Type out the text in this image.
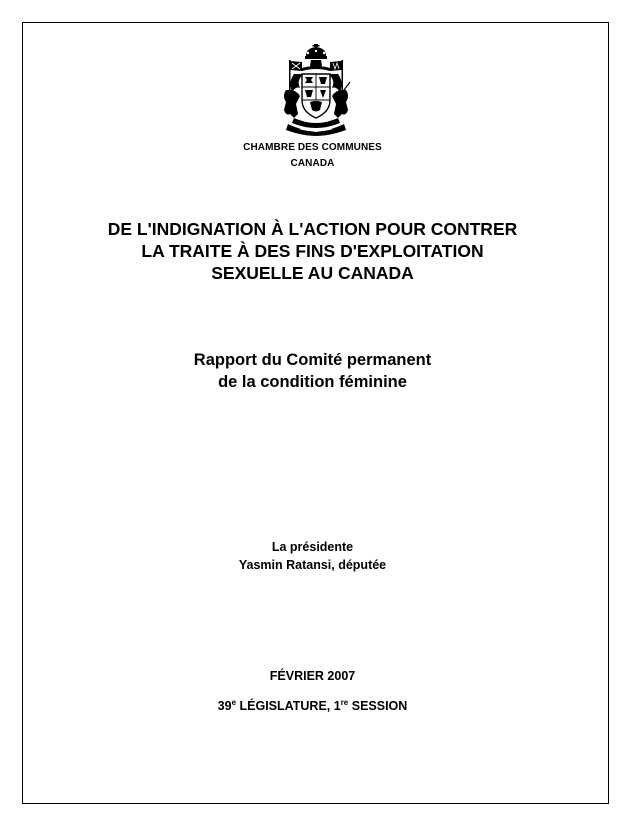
CHAMBRE DES COMMUNES
CANADA
DE L'INDIGNATION À L'ACTION POUR CONTRER
LA TRAITE À DES FINS D'EXPLOITATION
SEXUELLE AU CANADA
Rapport du Comité permanent
de la condition féminine
La présidente
Yasmin Ratansi, députée
FÉVRIER 2007
39e LÉGISLATURE, 1re SESSION
